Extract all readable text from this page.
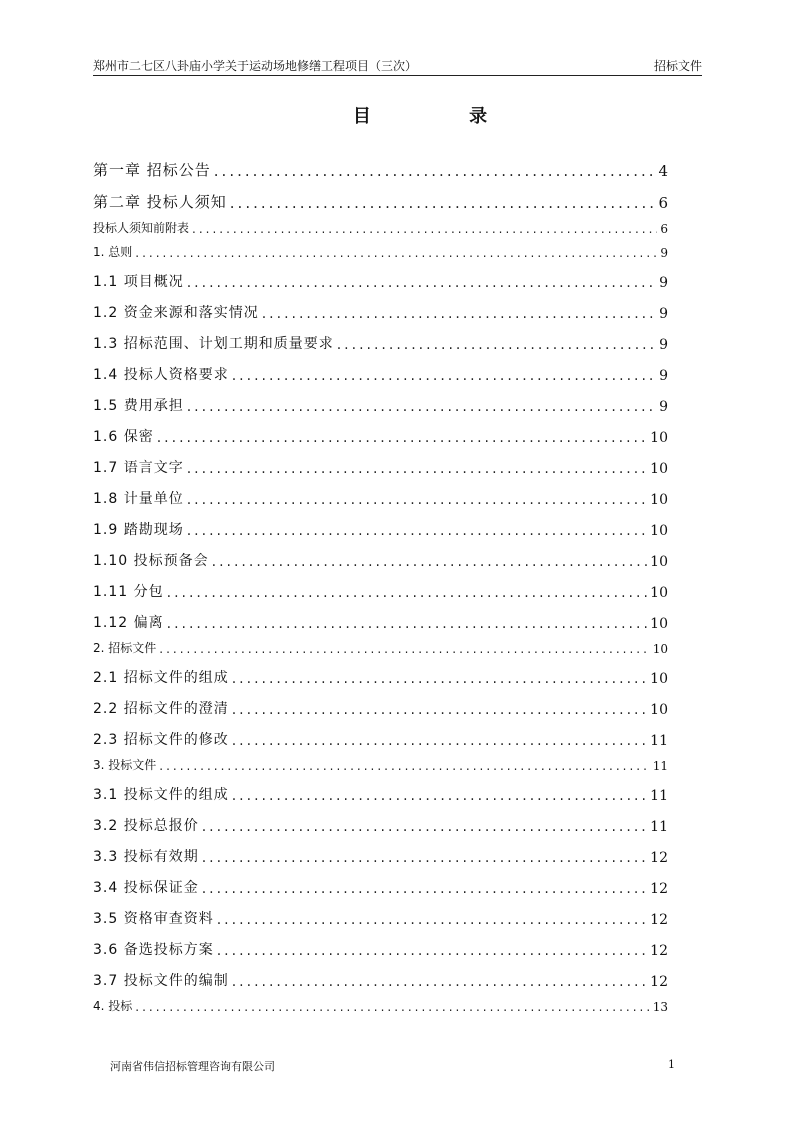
郑州市二七区八卦庙小学关于运动场地修缮工程项目（三次）	招标文件
目 录
第一章 招标公告 .....	4
第二章 投标人须知 .....	6
投标人须知前附表 .....	6
1. 总则 .....	9
1.1 项目概况 .....	9
1.2 资金来源和落实情况 .....	9
1.3 招标范围、计划工期和质量要求 .....	9
1.4 投标人资格要求 .....	9
1.5 费用承担 .....	9
1.6 保密 .....	10
1.7 语言文字 .....	10
1.8 计量单位 .....	10
1.9 踏勘现场 .....	10
1.10 投标预备会 .....	10
1.11 分包 .....	10
1.12 偏离 .....	10
2. 招标文件 .....	10
2.1 招标文件的组成 .....	10
2.2 招标文件的澄清 .....	10
2.3 招标文件的修改 .....	11
3. 投标文件 .....	11
3.1 投标文件的组成 .....	11
3.2 投标总报价 .....	11
3.3 投标有效期 .....	12
3.4 投标保证金 .....	12
3.5 资格审查资料 .....	12
3.6 备选投标方案 .....	12
3.7 投标文件的编制 .....	12
4. 投标 .....	13
河南省伟信招标管理咨询有限公司	1
